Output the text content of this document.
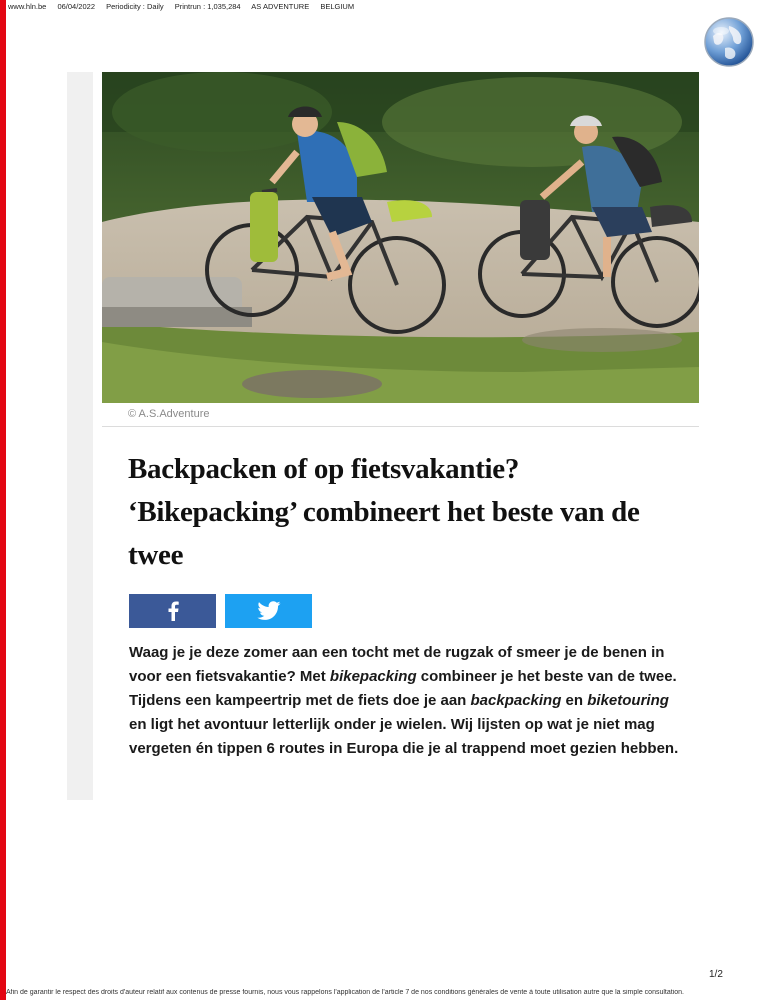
www.hln.be 06/04/2022 Periodicity : Daily Printrun : 1,035,284 AS ADVENTURE BELGIUM
© A.S.Adventure
Backpacken of op fietsvakantie? ‘Bikepacking’ combineert het beste van de twee

Waag je je deze zomer aan een tocht met de rugzak of smeer je de benen in voor een fietsvakantie? Met bikepacking combineer je het beste van de twee. Tijdens een kampeertrip met de fiets doe je aan backpacking en biketouring en ligt het avontuur letterlijk onder je wielen. Wij lijsten op wat je niet mag vergeten én tippen 6 routes in Europa die je al trappend moet gezien hebben.

1/2
Afin de garantir le respect des droits d'auteur relatif aux contenus de presse fournis, nous vous rappelons l'application de l'article 7 de nos conditions générales de vente à toute utilisation autre que la simple consultation.
